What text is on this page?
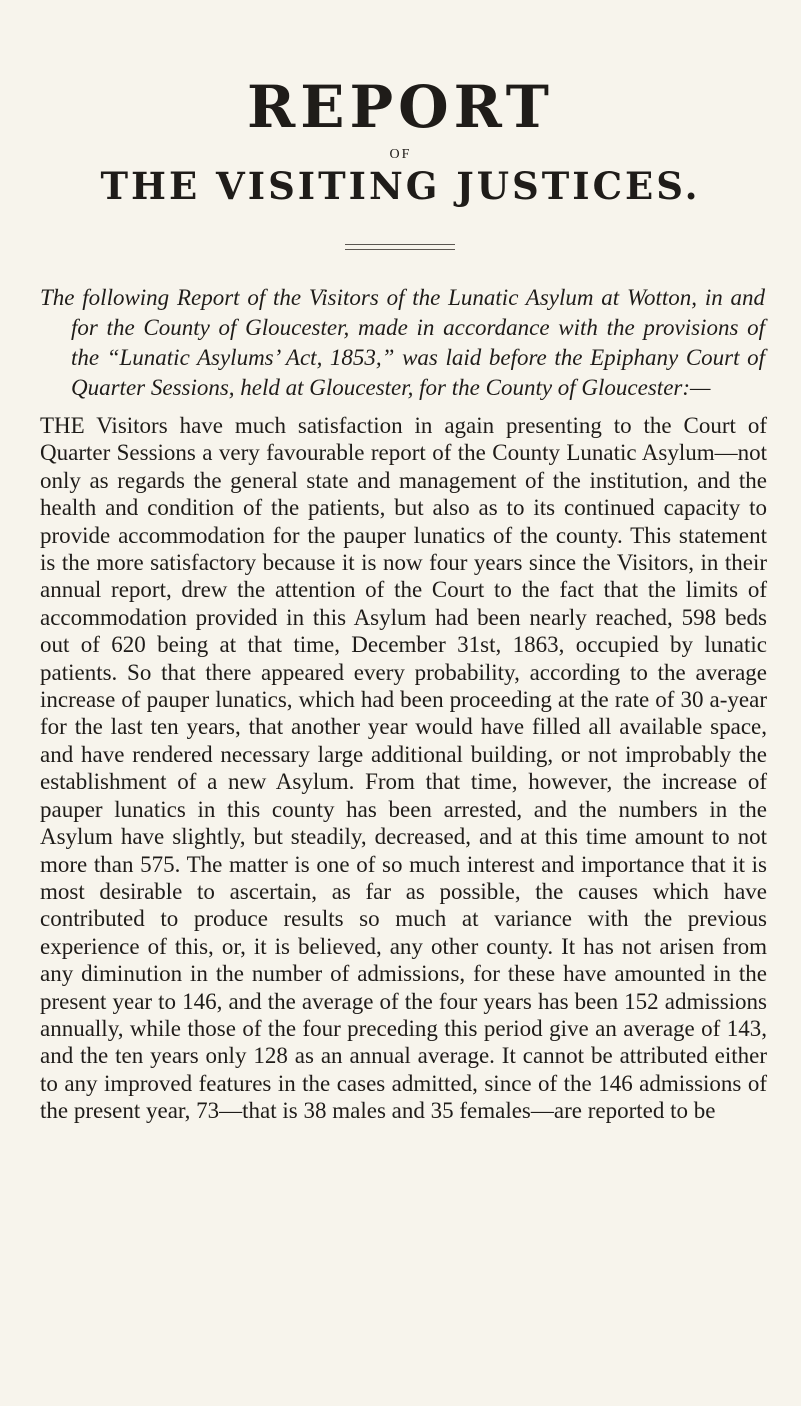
REPORT
OF
THE VISITING JUSTICES.

The following Report of the Visitors of the Lunatic Asylum at Wotton, in and for the County of Gloucester, made in accordance with the provisions of the “Lunatic Asylums’ Act, 1853,” was laid before the Epiphany Court of Quarter Sessions, held at Gloucester, for the County of Gloucester:—

THE Visitors have much satisfaction in again presenting to the Court of Quarter Sessions a very favourable report of the County Lunatic Asylum—not only as regards the general state and management of the institution, and the health and condition of the patients, but also as to its continued capacity to provide accommodation for the pauper lunatics of the county. This statement is the more satisfactory because it is now four years since the Visitors, in their annual report, drew the attention of the Court to the fact that the limits of accommodation provided in this Asylum had been nearly reached, 598 beds out of 620 being at that time, December 31st, 1863, occupied by lunatic patients. So that there appeared every probability, according to the average increase of pauper lunatics, which had been proceeding at the rate of 30 a-year for the last ten years, that another year would have filled all available space, and have rendered necessary large additional building, or not improbably the establishment of a new Asylum. From that time, however, the increase of pauper lunatics in this county has been arrested, and the numbers in the Asylum have slightly, but steadily, decreased, and at this time amount to not more than 575. The matter is one of so much interest and importance that it is most desirable to ascertain, as far as possible, the causes which have contributed to produce results so much at variance with the previous experience of this, or, it is believed, any other county. It has not arisen from any diminution in the number of admissions, for these have amounted in the present year to 146, and the average of the four years has been 152 admissions annually, while those of the four preceding this period give an average of 143, and the ten years only 128 as an annual average. It cannot be attributed either to any improved features in the cases admitted, since of the 146 admissions of the present year, 73—that is 38 males and 35 females—are reported to be
